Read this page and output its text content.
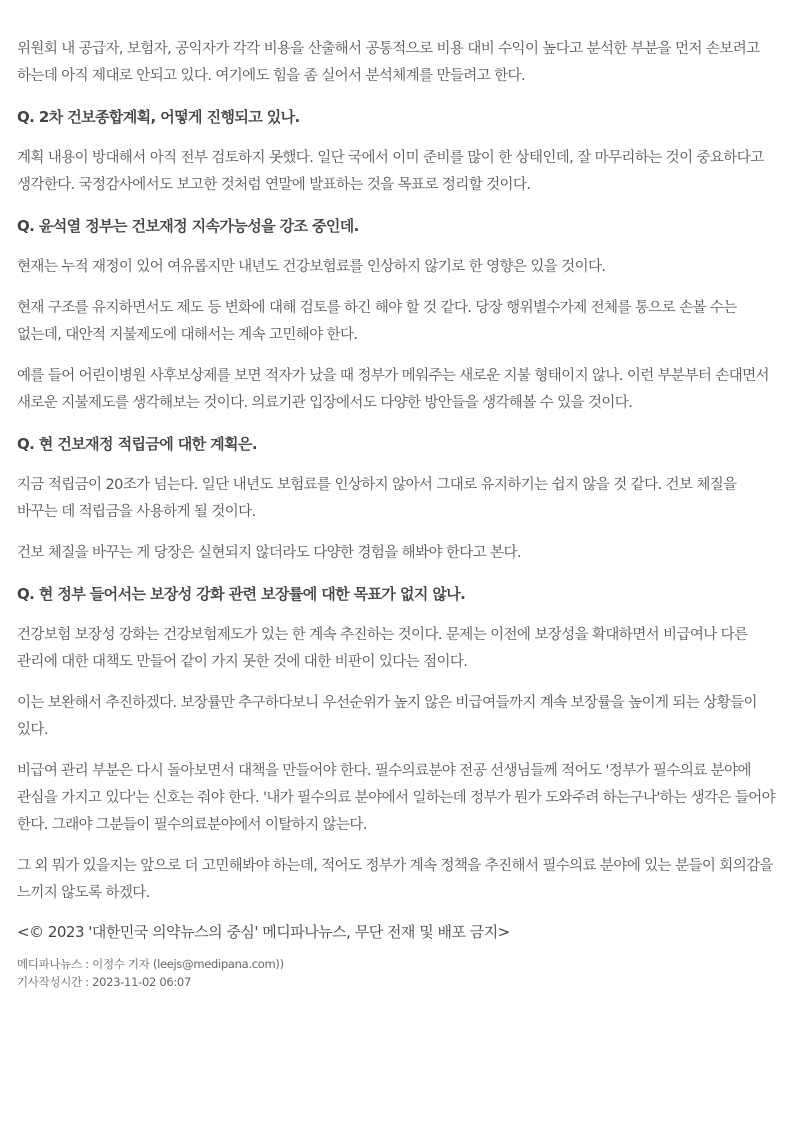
위원회 내 공급자, 보험자, 공익자가 각각 비용을 산출해서 공통적으로 비용 대비 수익이 높다고 분석한 부분을 먼저 손보려고 하는데 아직 제대로 안되고 있다. 여기에도 힘을 좀 실어서 분석체계를 만들려고 한다.

Q. 2차 건보종합계획, 어떻게 진행되고 있나.

계획 내용이 방대해서 아직 전부 검토하지 못했다. 일단 국에서 이미 준비를 많이 한 상태인데, 잘 마무리하는 것이 중요하다고 생각한다. 국정감사에서도 보고한 것처럼 연말에 발표하는 것을 목표로 정리할 것이다.

Q. 윤석열 정부는 건보재정 지속가능성을 강조 중인데.

현재는 누적 재정이 있어 여유롭지만 내년도 건강보험료를 인상하지 않기로 한 영향은 있을 것이다.

현재 구조를 유지하면서도 제도 등 변화에 대해 검토를 하긴 해야 할 것 같다. 당장 행위별수가제 전체를 통으로 손볼 수는 없는데, 대안적 지불제도에 대해서는 계속 고민해야 한다.

예를 들어 어린이병원 사후보상제를 보면 적자가 났을 때 정부가 메워주는 새로운 지불 형태이지 않나. 이런 부분부터 손대면서 새로운 지불제도를 생각해보는 것이다. 의료기관 입장에서도 다양한 방안들을 생각해볼 수 있을 것이다.

Q. 현 건보재정 적립금에 대한 계획은.

지금 적립금이 20조가 넘는다. 일단 내년도 보험료를 인상하지 않아서 그대로 유지하기는 쉽지 않을 것 같다. 건보 체질을 바꾸는 데 적립금을 사용하게 될 것이다.

건보 체질을 바꾸는 게 당장은 실현되지 않더라도 다양한 경험을 해봐야 한다고 본다.

Q. 현 정부 들어서는 보장성 강화 관련 보장률에 대한 목표가 없지 않나.

건강보험 보장성 강화는 건강보험제도가 있는 한 계속 추진하는 것이다. 문제는 이전에 보장성을 확대하면서 비급여나 다른 관리에 대한 대책도 만들어 같이 가지 못한 것에 대한 비판이 있다는 점이다.

이는 보완해서 추진하겠다. 보장률만 추구하다보니 우선순위가 높지 않은 비급여들까지 계속 보장률을 높이게 되는 상황들이 있다.

비급여 관리 부분은 다시 돌아보면서 대책을 만들어야 한다. 필수의료분야 전공 선생님들께 적어도 '정부가 필수의료 분야에 관심을 가지고 있다'는 신호는 줘야 한다. '내가 필수의료 분야에서 일하는데 정부가 뭔가 도와주려 하는구나'하는 생각은 들어야 한다. 그래야 그분들이 필수의료분야에서 이탈하지 않는다.

그 외 뭐가 있을지는 앞으로 더 고민해봐야 하는데, 적어도 정부가 계속 정책을 추진해서 필수의료 분야에 있는 분들이 회의감을 느끼지 않도록 하겠다.

<© 2023 '대한민국 의약뉴스의 중심' 메디파나뉴스, 무단 전재 및 배포 금지>

메디파나뉴스 : 이정수 기자 (leejs@medipana.com))

기사작성시간 : 2023-11-02 06:07
